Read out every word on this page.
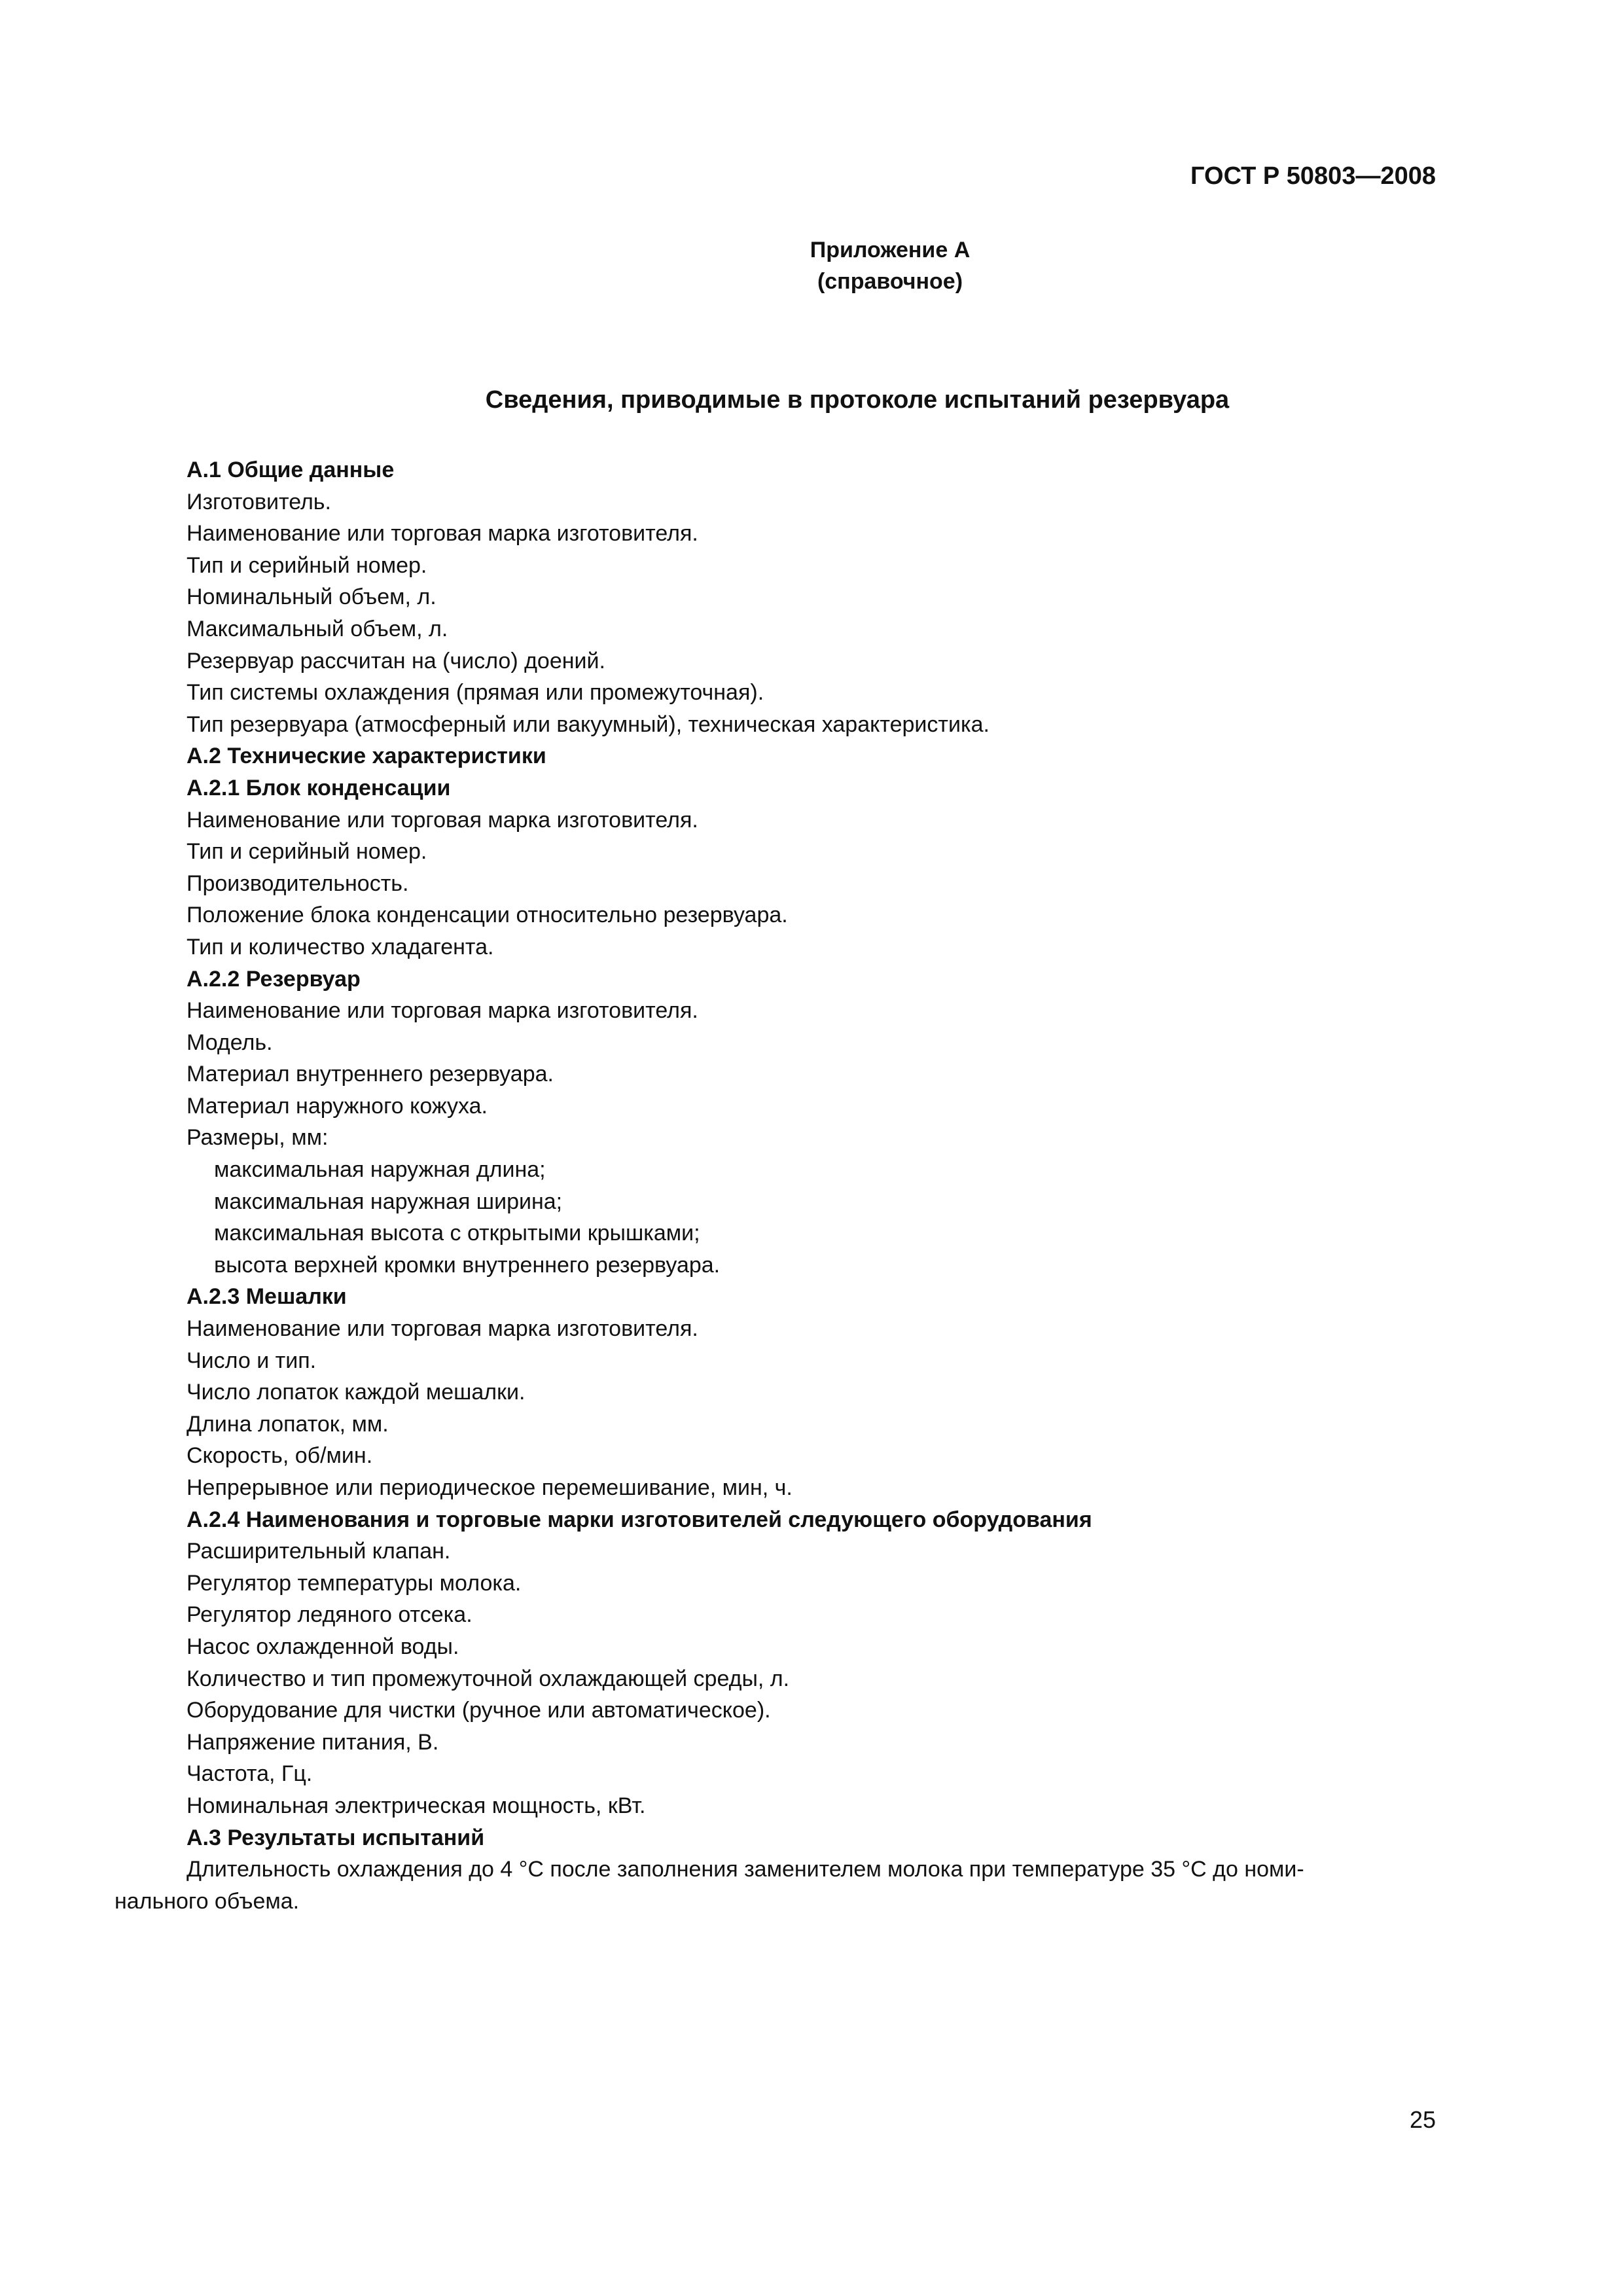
ГОСТ Р 50803—2008
Приложение А
(справочное)
Сведения, приводимые в протоколе испытаний резервуара
А.1 Общие данные
Изготовитель.
Наименование или торговая марка изготовителя.
Тип и серийный номер.
Номинальный объем, л.
Максимальный объем, л.
Резервуар рассчитан на (число) доений.
Тип системы охлаждения (прямая или промежуточная).
Тип резервуара (атмосферный или вакуумный), техническая характеристика.
А.2 Технические характеристики
А.2.1 Блок конденсации
Наименование или торговая марка изготовителя.
Тип и серийный номер.
Производительность.
Положение блока конденсации относительно резервуара.
Тип и количество хладагента.
А.2.2 Резервуар
Наименование или торговая марка изготовителя.
Модель.
Материал внутреннего резервуара.
Материал наружного кожуха.
Размеры, мм:
максимальная наружная длина;
максимальная наружная ширина;
максимальная высота с открытыми крышками;
высота верхней кромки внутреннего резервуара.
А.2.3 Мешалки
Наименование или торговая марка изготовителя.
Число и тип.
Число лопаток каждой мешалки.
Длина лопаток, мм.
Скорость, об/мин.
Непрерывное или периодическое перемешивание, мин, ч.
А.2.4 Наименования и торговые марки изготовителей следующего оборудования
Расширительный клапан.
Регулятор температуры молока.
Регулятор ледяного отсека.
Насос охлажденной воды.
Количество и тип промежуточной охлаждающей среды, л.
Оборудование для чистки (ручное или автоматическое).
Напряжение питания, В.
Частота, Гц.
Номинальная электрическая мощность, кВт.
А.3 Результаты испытаний
Длительность охлаждения до 4 °С после заполнения заменителем молока при температуре 35 °С до номи-
нального объема.
25
